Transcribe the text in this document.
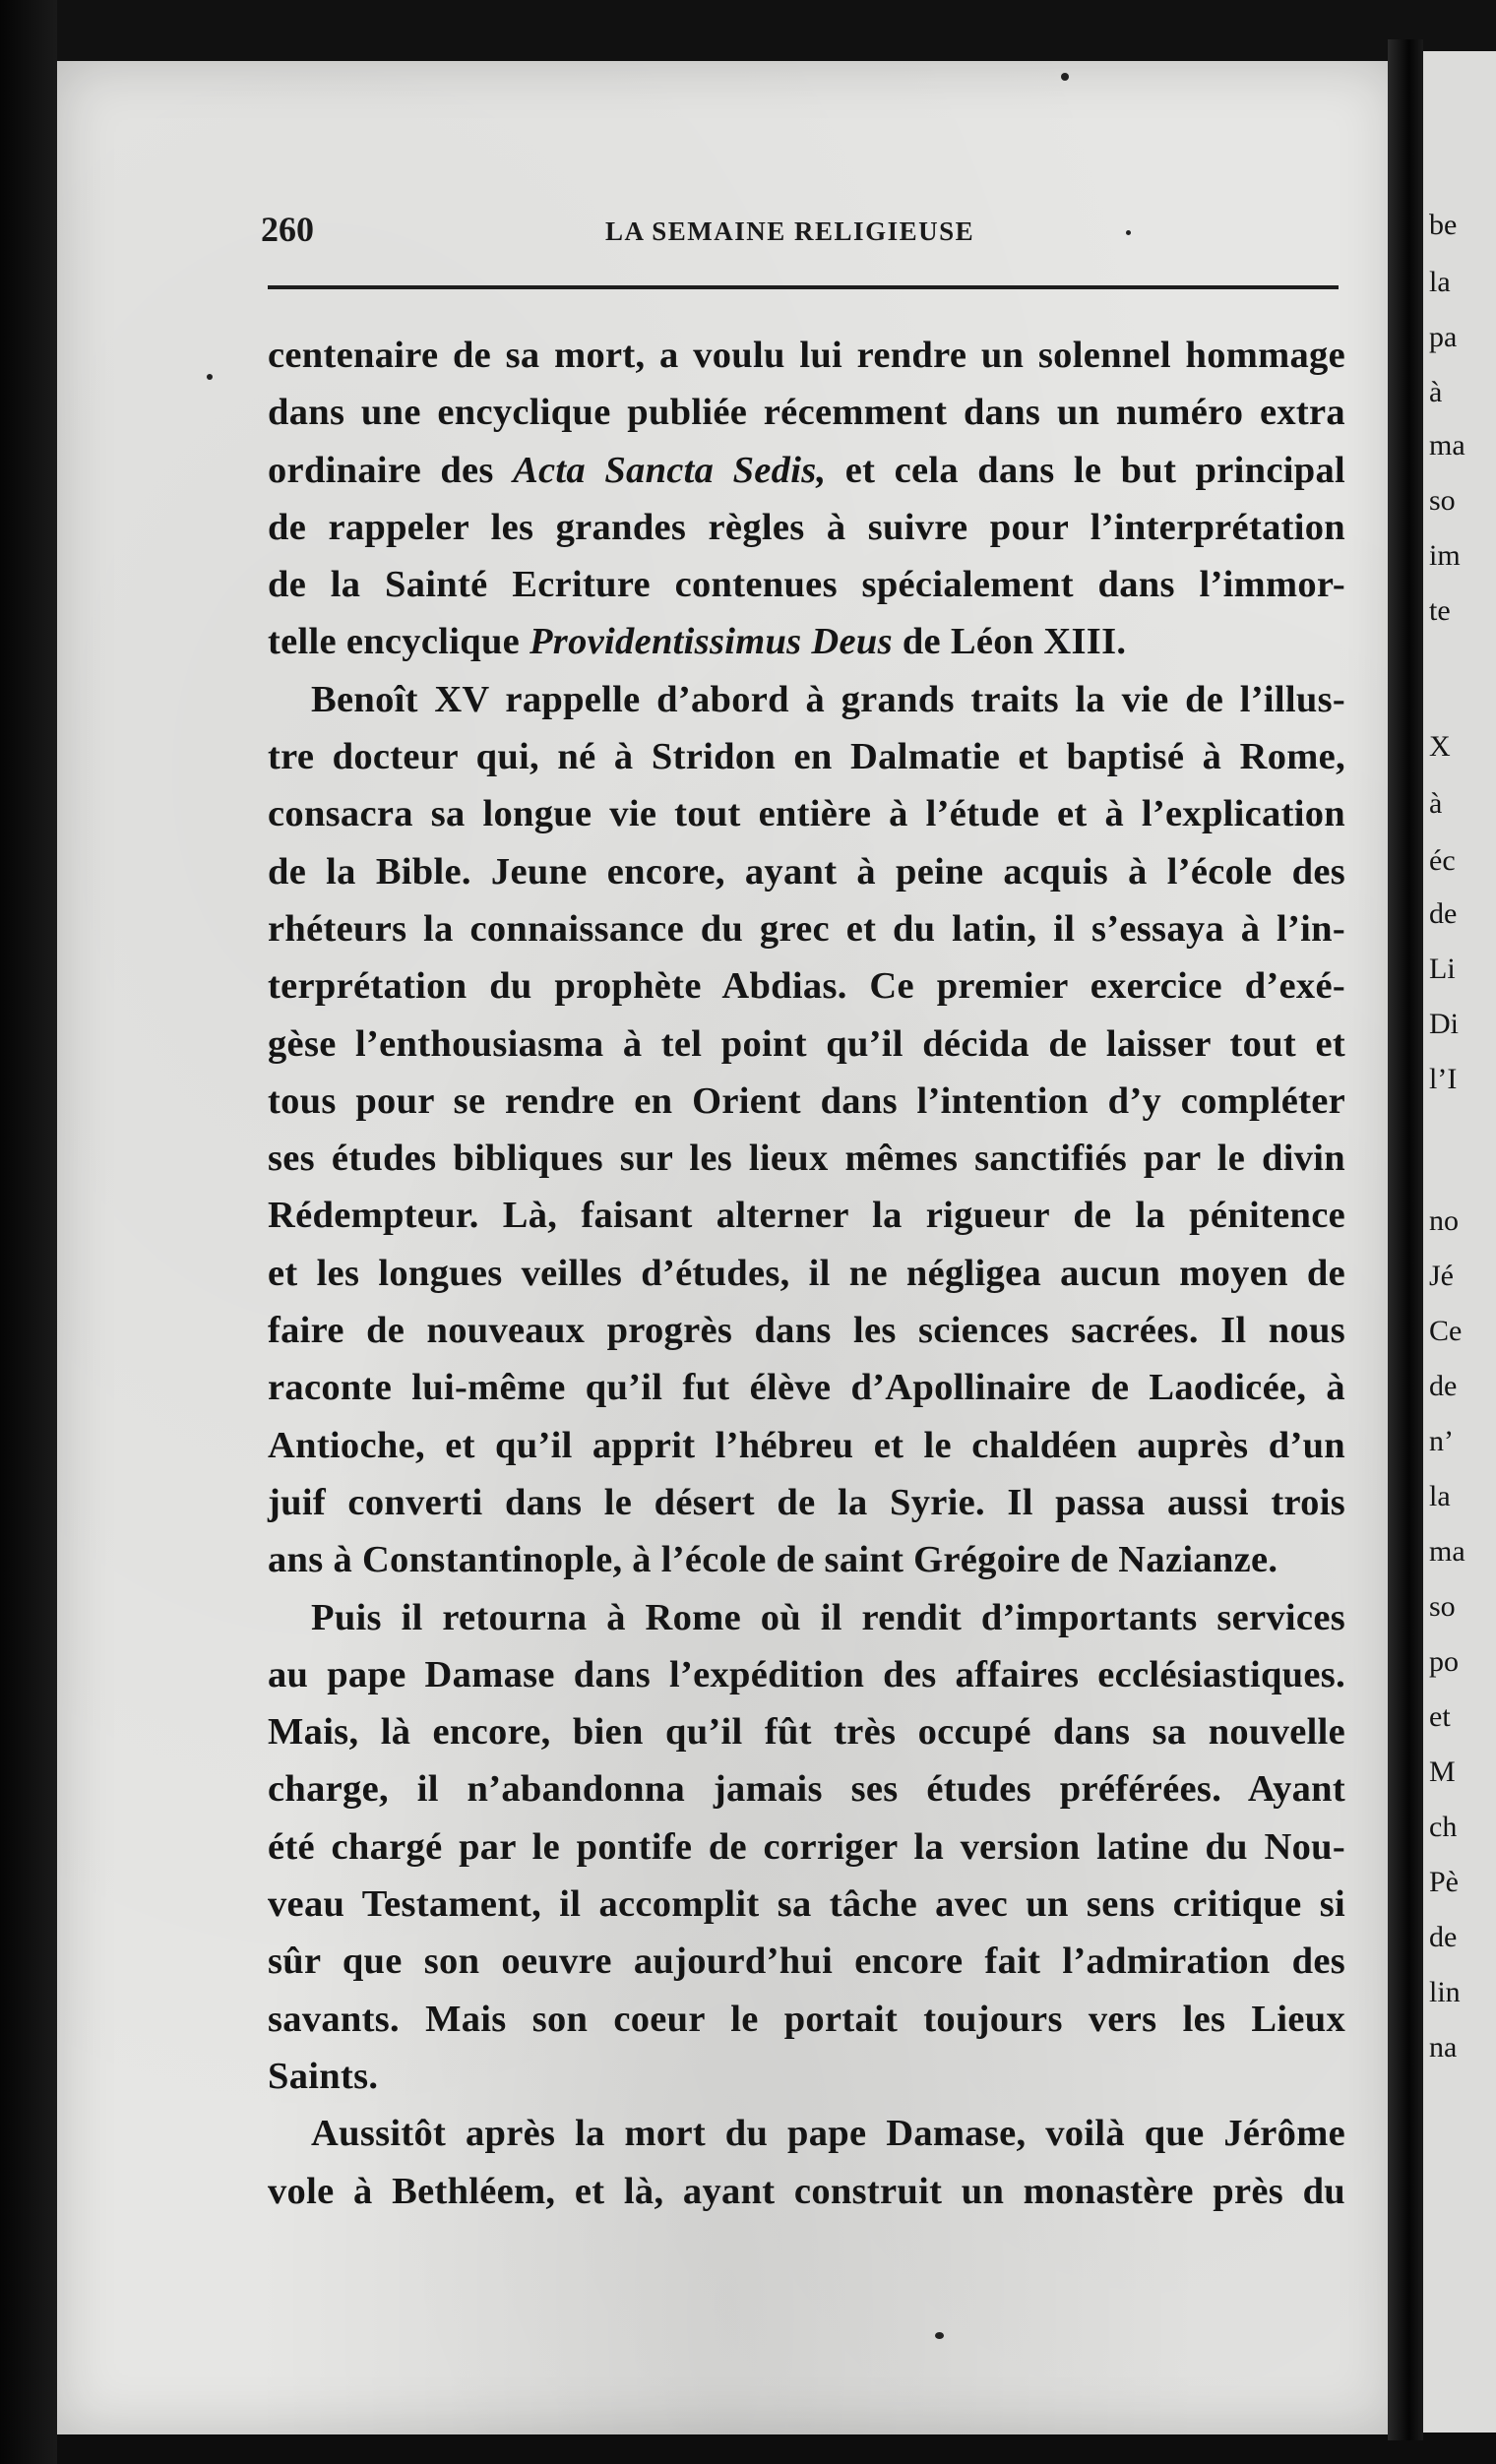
260	LA SEMAINE RELIGIEUSE
centenaire de sa mort, a voulu lui rendre un solennel hommage
dans une encyclique publiée récemment dans un numéro extra
ordinaire des Acta Sancta Sedis, et cela dans le but principal
de rappeler les grandes règles à suivre pour l’interprétation
de la Sainté Ecriture contenues spécialement dans l’immor-
telle encyclique Providentissimus Deus de Léon XIII.
Benoît XV rappelle d’abord à grands traits la vie de l’illus-
tre docteur qui, né à Stridon en Dalmatie et baptisé à Rome,
consacra sa longue vie tout entière à l’étude et à l’explication
de la Bible. Jeune encore, ayant à peine acquis à l’école des
rhéteurs la connaissance du grec et du latin, il s’essaya à l’in-
terprétation du prophète Abdias. Ce premier exercice d’exé-
gèse l’enthousiasma à tel point qu’il décida de laisser tout et
tous pour se rendre en Orient dans l’intention d’y compléter
ses études bibliques sur les lieux mêmes sanctifiés par le divin
Rédempteur. Là, faisant alterner la rigueur de la pénitence
et les longues veilles d’études, il ne négligea aucun moyen de
faire de nouveaux progrès dans les sciences sacrées. Il nous
raconte lui-même qu’il fut élève d’Apollinaire de Laodicée, à
Antioche, et qu’il apprit l’hébreu et le chaldéen auprès d’un
juif converti dans le désert de la Syrie. Il passa aussi trois
ans à Constantinople, à l’école de saint Grégoire de Nazianze.
Puis il retourna à Rome où il rendit d’importants services
au pape Damase dans l’expédition des affaires ecclésiastiques.
Mais, là encore, bien qu’il fût très occupé dans sa nouvelle
charge, il n’abandonna jamais ses études préférées. Ayant
été chargé par le pontife de corriger la version latine du Nou-
veau Testament, il accomplit sa tâche avec un sens critique si
sûr que son oeuvre aujourd’hui encore fait l’admiration des
savants. Mais son coeur le portait toujours vers les Lieux
Saints.
Aussitôt après la mort du pape Damase, voilà que Jérôme
vole à Bethléem, et là, ayant construit un monastère près du
be
la
pa
à
ma
so
im
te
X
à
éc
de
Li
Di
l’I
no
Jé
Ce
de
n’
la
ma
so
po
et
M
ch
Pè
de
lin
na
